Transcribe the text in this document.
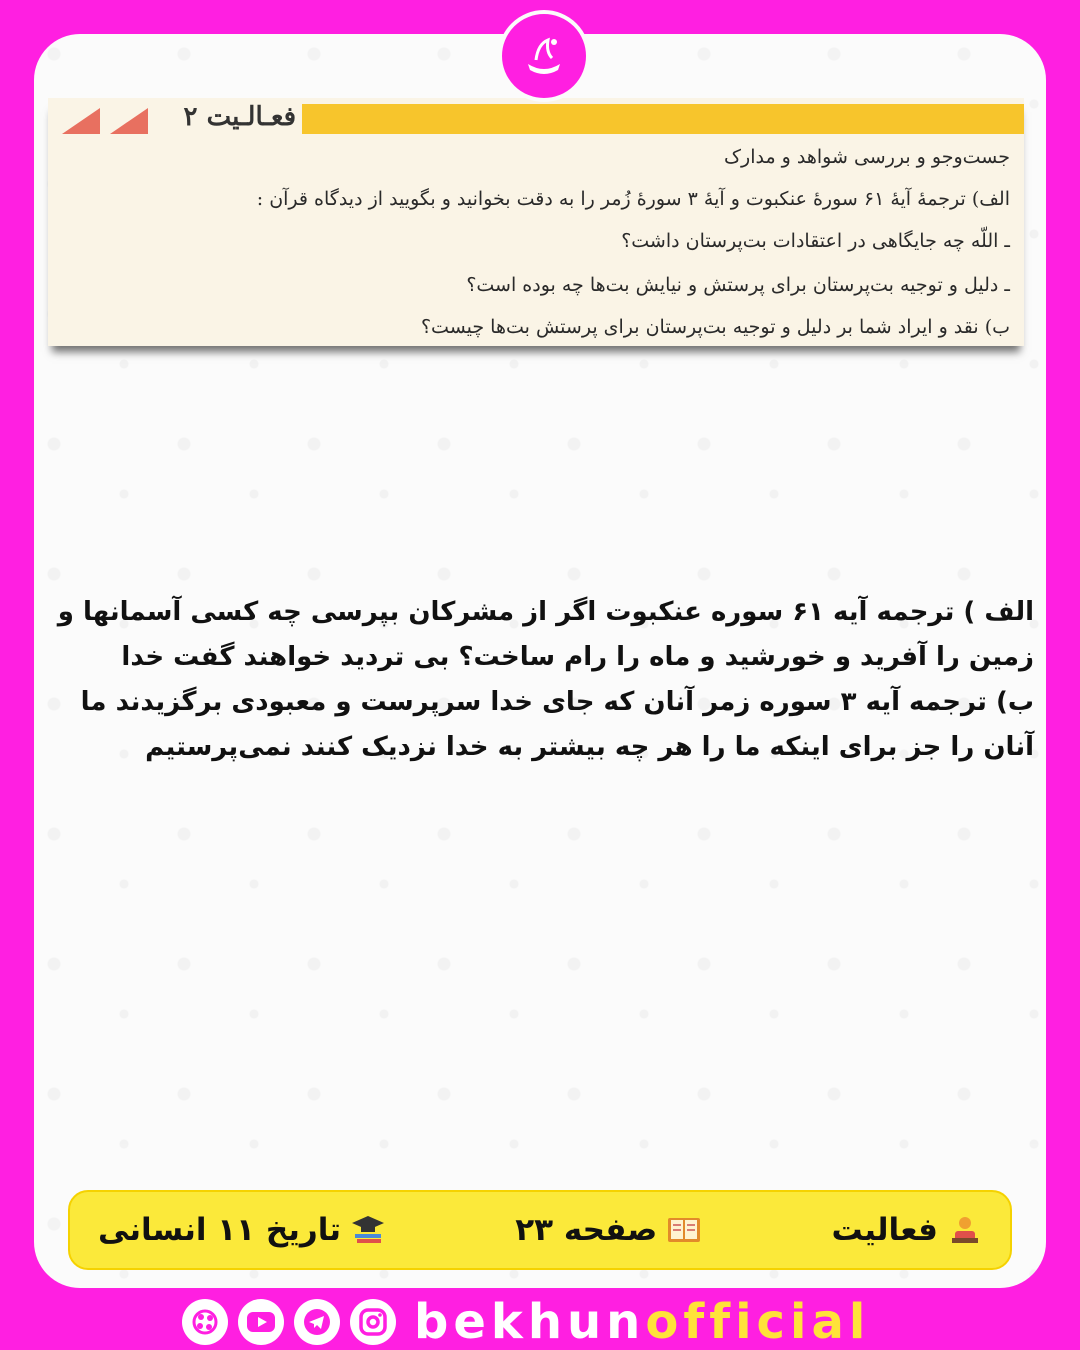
فعـالـیت ۲
جست‌وجو و بررسی شواهد و مدارک
الف) ترجمهٔ آیهٔ ۶۱ سورهٔ عنکبوت و آیهٔ ۳ سورهٔ زُمر را به دقت بخوانید و بگویید از دیدگاه قرآن :
ـ اللّه چه جایگاهی در اعتقادات بت‌پرستان داشت؟
ـ دلیل و توجیه بت‌پرستان برای پرستش و نیایش بت‌ها چه بوده است؟
ب) نقد و ایراد شما بر دلیل و توجیه بت‌پرستان برای پرستش بت‌ها چیست؟

الف ) ترجمه آیه ۶۱ سوره عنکبوت اگر از مشرکان بپرسی چه کسی آسمانها و

زمین را آفرید و خورشید و ماه را رام ساخت؟ بی تردید خواهند گفت خدا

ب) ترجمه آیه ۳ سوره زمر آنان که جای خدا سرپرست و معبودی برگزیدند ما

آنان را جز برای اینکه ما را هر چه بیشتر به خدا نزدیک کنند نمی‌پرستیم

فعالیت
صفحه ۲۳
تاریخ ۱۱ انسانی
bekhunofficial
